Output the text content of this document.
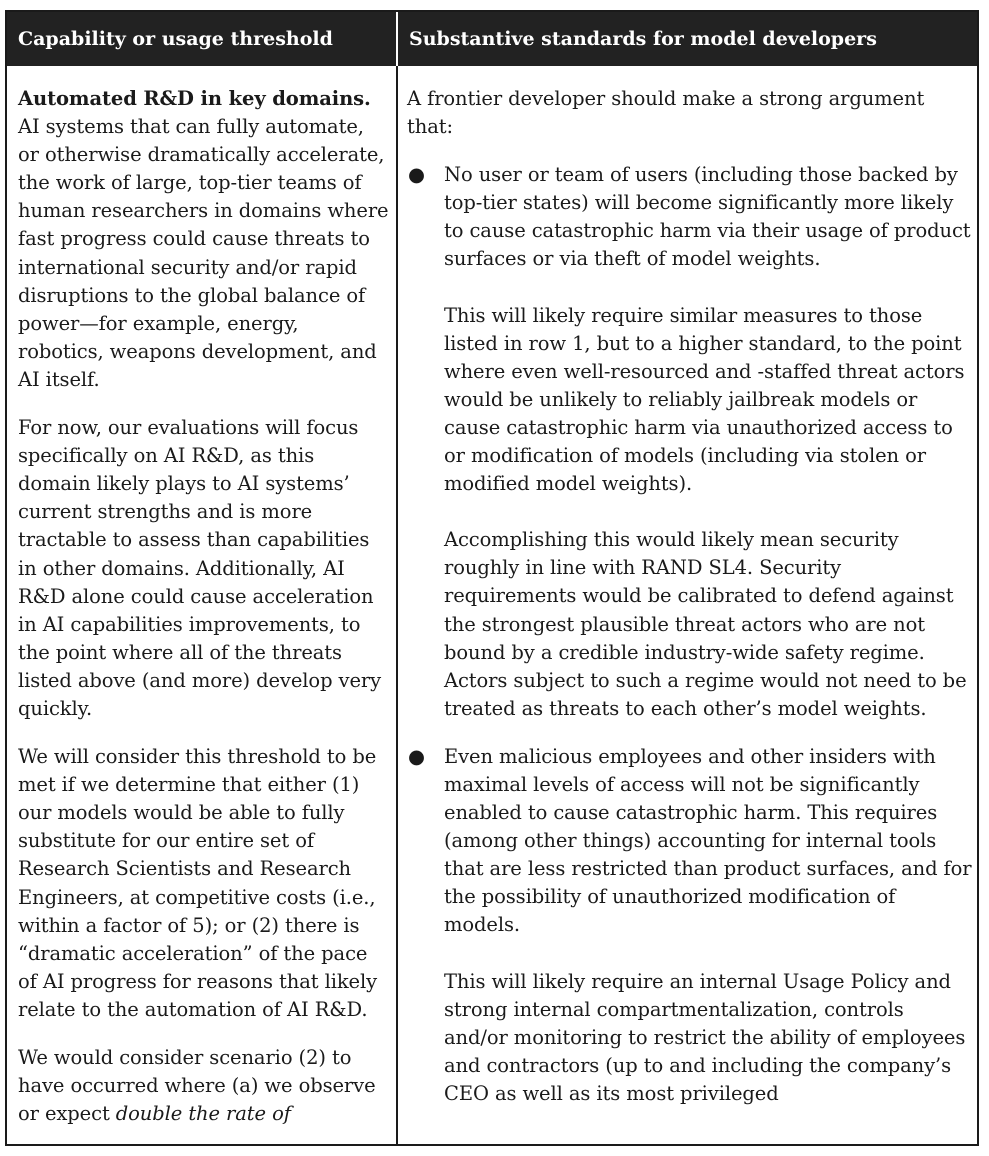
Capability or usage threshold	Substantive standards for model developers

Automated R&D in key domains. AI systems that can fully automate, or otherwise dramatically accelerate, the work of large, top-tier teams of human researchers in domains where fast progress could cause threats to international security and/or rapid disruptions to the global balance of power—for example, energy, robotics, weapons development, and AI itself.

For now, our evaluations will focus specifically on AI R&D, as this domain likely plays to AI systems’ current strengths and is more tractable to assess than capabilities in other domains. Additionally, AI R&D alone could cause acceleration in AI capabilities improvements, to the point where all of the threats listed above (and more) develop very quickly.

We will consider this threshold to be met if we determine that either (1) our models would be able to fully substitute for our entire set of Research Scientists and Research Engineers, at competitive costs (i.e., within a factor of 5); or (2) there is “dramatic acceleration” of the pace of AI progress for reasons that likely relate to the automation of AI R&D.

We would consider scenario (2) to have occurred where (a) we observe or expect double the rate of

A frontier developer should make a strong argument that:

● No user or team of users (including those backed by top-tier states) will become significantly more likely to cause catastrophic harm via their usage of product surfaces or via theft of model weights.

This will likely require similar measures to those listed in row 1, but to a higher standard, to the point where even well-resourced and -staffed threat actors would be unlikely to reliably jailbreak models or cause catastrophic harm via unauthorized access to or modification of models (including via stolen or modified model weights).

Accomplishing this would likely mean security roughly in line with RAND SL4. Security requirements would be calibrated to defend against the strongest plausible threat actors who are not bound by a credible industry-wide safety regime. Actors subject to such a regime would not need to be treated as threats to each other’s model weights.

● Even malicious employees and other insiders with maximal levels of access will not be significantly enabled to cause catastrophic harm. This requires (among other things) accounting for internal tools that are less restricted than product surfaces, and for the possibility of unauthorized modification of models.

This will likely require an internal Usage Policy and strong internal compartmentalization, controls and/or monitoring to restrict the ability of employees and contractors (up to and including the company’s CEO as well as its most privileged
